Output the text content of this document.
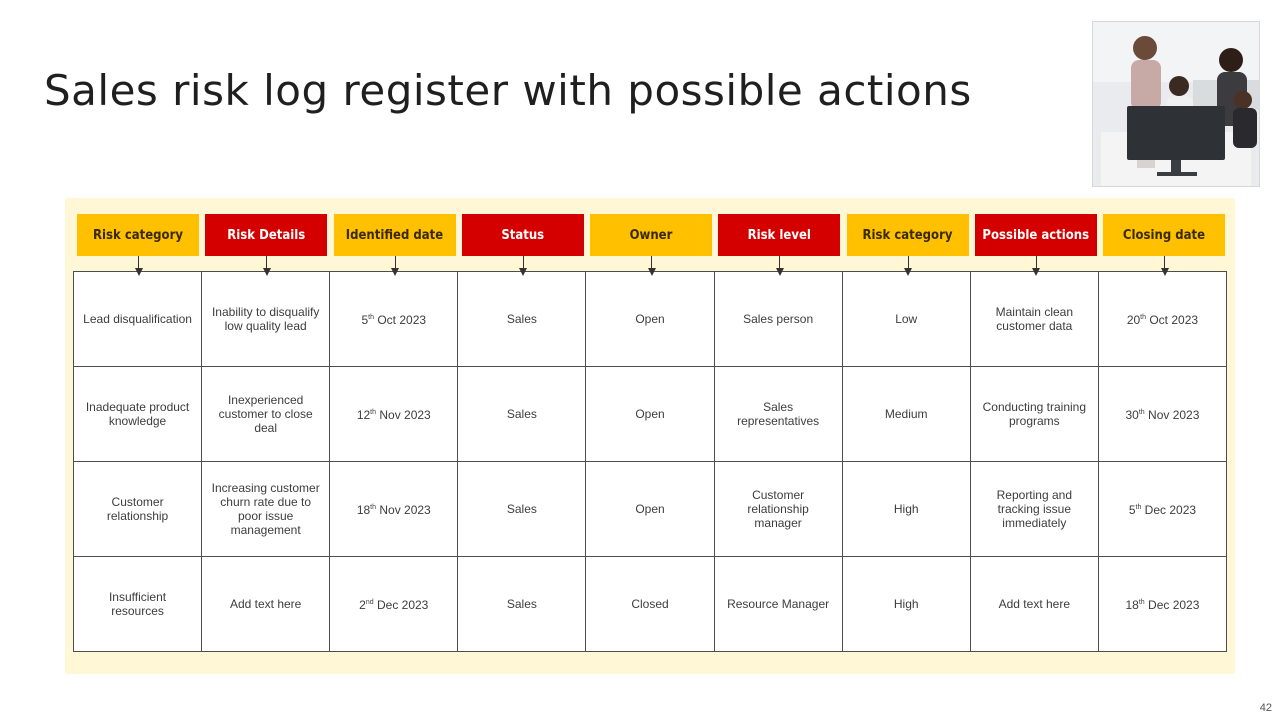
Sales risk log register with possible actions
Risk category	Risk Details	Identified date	Status	Owner	Risk level	Risk category	Possible actions	Closing date
Lead disqualification	Inability to disqualify low quality lead	5th Oct 2023	Sales	Open	Sales person	Low	Maintain clean customer data	20th Oct 2023
Inadequate product knowledge	Inexperienced customer to close deal	12th Nov 2023	Sales	Open	Sales representatives	Medium	Conducting training programs	30th Nov 2023
Customer relationship	Increasing customer churn rate due to poor issue management	18th Nov 2023	Sales	Open	Customer relationship manager	High	Reporting and tracking issue immediately	5th Dec 2023
Insufficient resources	Add text here	2nd Dec 2023	Sales	Closed	Resource Manager	High	Add text here	18th Dec 2023
42
